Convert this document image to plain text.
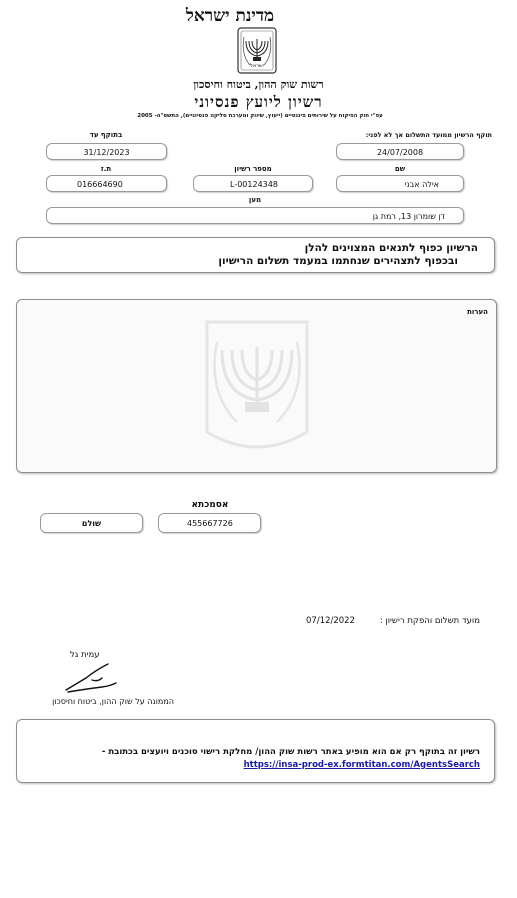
מדינת ישראל
ישראל
רשות שוק ההון, ביטוח וחיסכון
רשיון ליועץ פנסיוני
עפ"י חוק הפיקוח על שירותים פיננסיים (ייעוץ, שיווק ומערכת סליקה פנסיוניים), התשס"ה- 2005
בתוקף עד
31/12/2023
תוקף הרשיון ממועד התשלום אך לא לפני:
24/07/2008
ת.ז
016664690
מספר רשיון
L-00124348
שם
אילה אבני
מען
דן שומרון 13, רמת גן
הרשיון כפוף לתנאים המצוינים להלן
ובכפוף לתצהירים שנחתמו במעמד תשלום הרישיון
הערות
אסמכתא
455667726
שולם
מועד תשלום והפקת רישיון :
07/12/2022
עמית גל
הממונה על שוק ההון, ביטוח וחיסכון
רשיון זה בתוקף רק אם הוא מופיע באתר רשות שוק ההון/ מחלקת רישוי סוכנים ויועצים בכתובת -
https://insa-prod-ex.formtitan.com/AgentsSearch
